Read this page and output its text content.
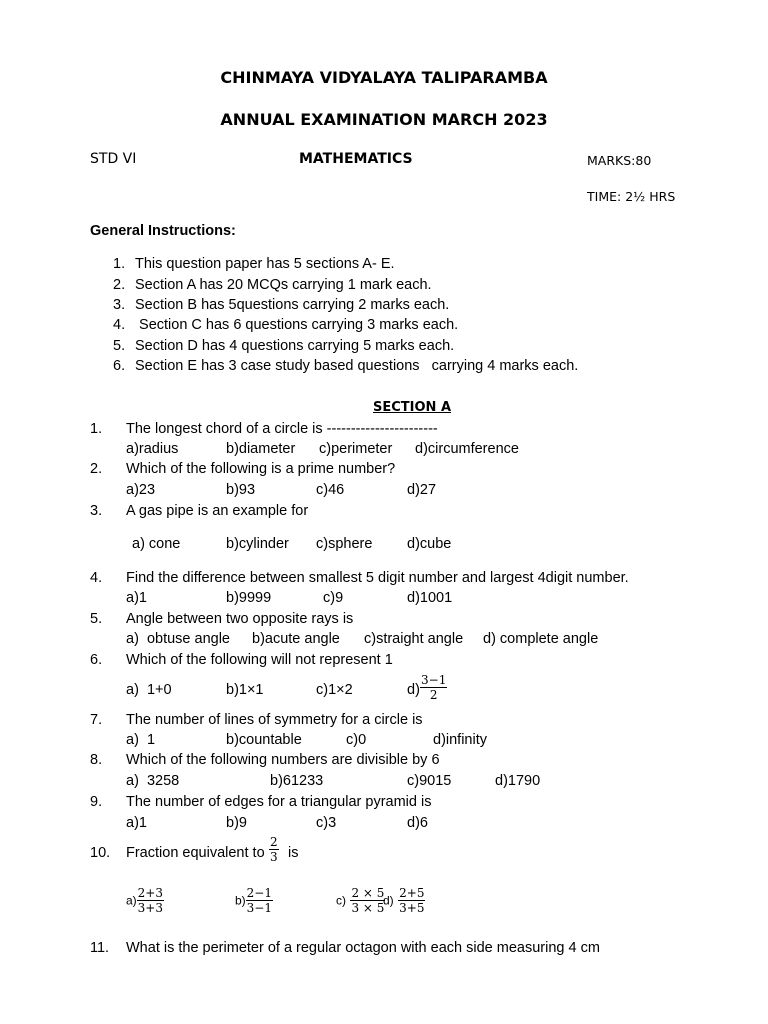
CHINMAYA VIDYALAYA TALIPARAMBA
ANNUAL EXAMINATION MARCH 2023
STD VI	MATHEMATICS	MARKS:80
TIME: 2½ HRS
General Instructions:
1. This question paper has 5 sections A- E.
2. Section A has 20 MCQs carrying 1 mark each.
3. Section B has 5questions carrying 2 marks each.
4. Section C has 6 questions carrying 3 marks each.
5. Section D has 4 questions carrying 5 marks each.
6. Section E has 3 case study based questions   carrying 4 marks each.
SECTION A
1. The longest chord of a circle is -----------------------
a)radius	b)diameter c)perimeter d)circumference
2. Which of the following is a prime number?
a)23	b)93	c)46	d)27
3. A gas pipe is an example for
a) cone	b)cylinder c)sphere d)cube
4. Find the difference between smallest 5 digit number and largest 4digit number.
a)1	b)9999	c)9	d)1001
5. Angle between two opposite rays is
a)  obtuse angle b)acute angle c)straight angle d) complete angle
6. Which of the following will not represent 1
a)  1+0	b)1×1	c)1×2	$d) \frac{3-1}{2}$
7. The number of lines of symmetry for a circle is
a)  1	b)countable	c)0	d)infinity
8. Which of the following numbers are divisible by 6
a)  3258	b)61233	c)9015	d)1790
9. The number of edges for a triangular pyramid is
a)1	b)9	c)3	d)6
10. Fraction equivalent to $\frac{2}{3}$ is
$a) \frac{2+3}{3+3}$	$b) \frac{2-1}{3-1}$	$c) \frac{2 \times 5}{3 \times 5}$
$d) \frac{2+5}{3+5}$
11. What is the perimeter of a regular octagon with each side measuring 4 cm
